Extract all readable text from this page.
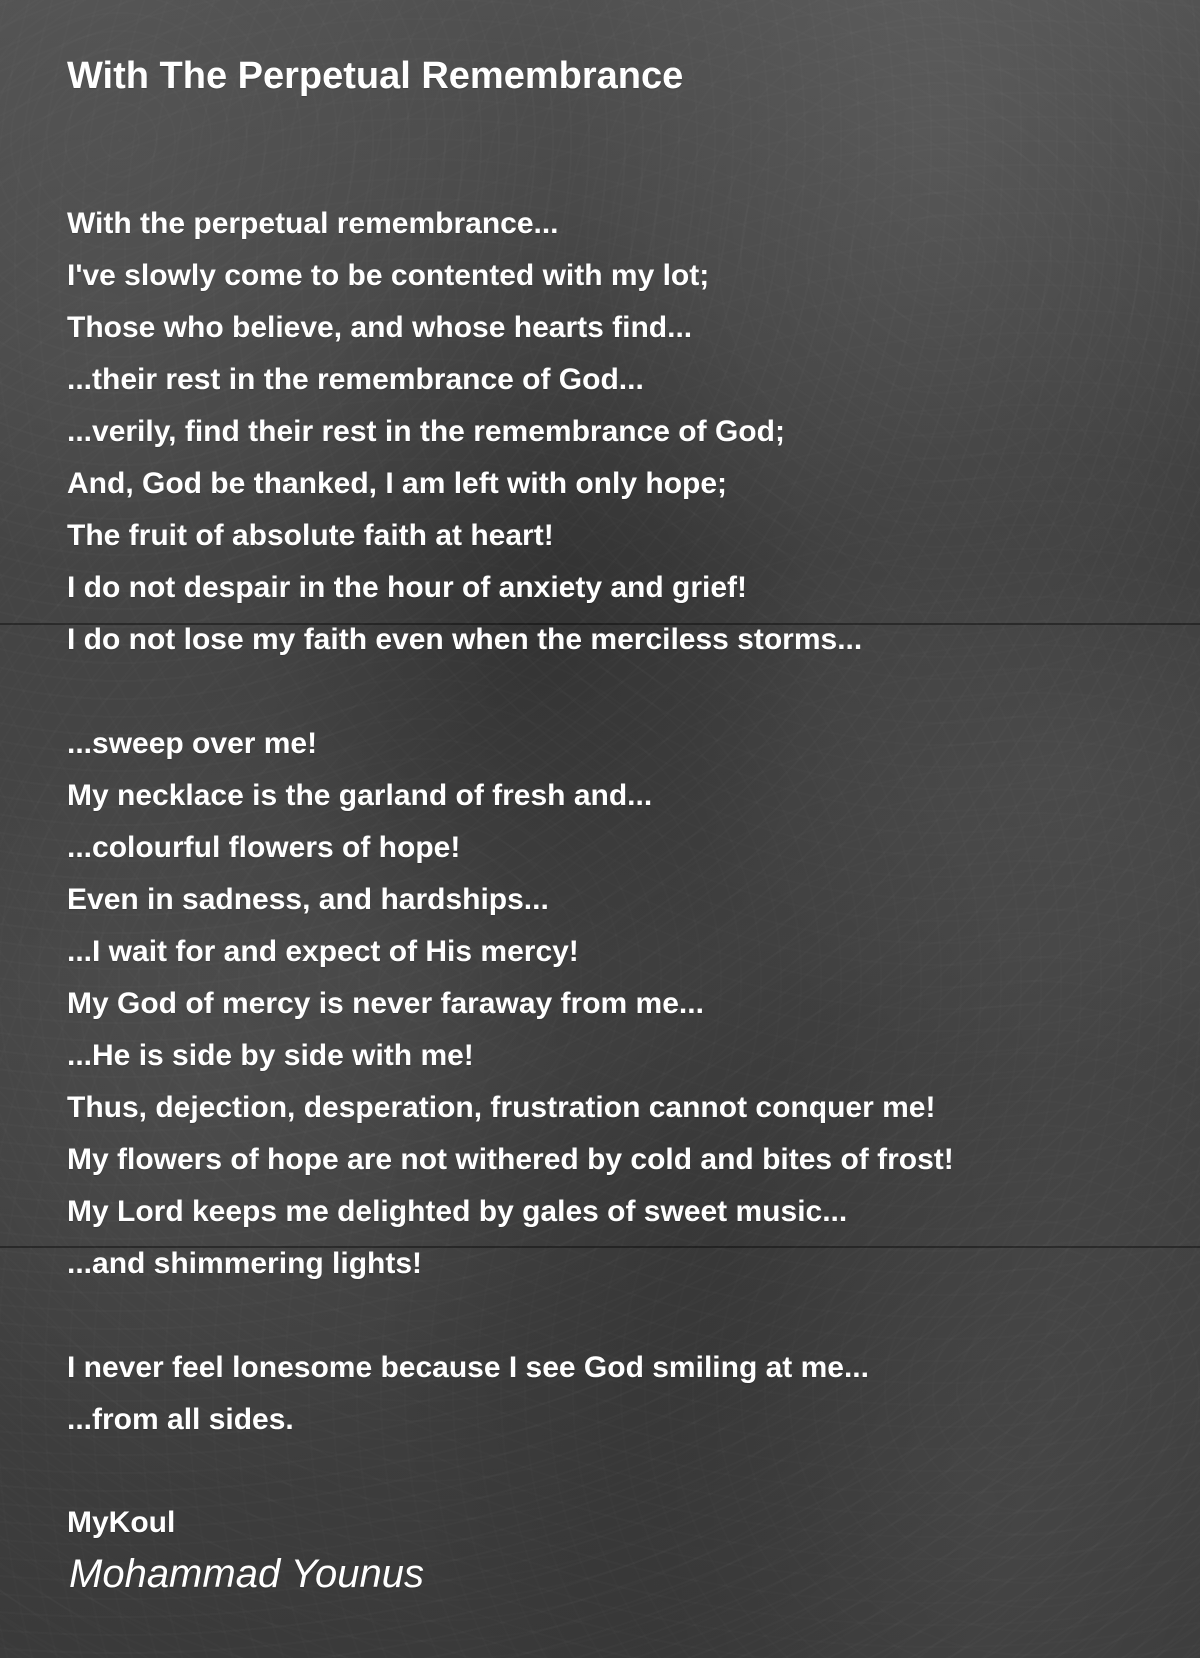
With The Perpetual Remembrance
With the perpetual remembrance...
I've slowly come to be contented with my lot;
Those who believe, and whose hearts find...
...their rest in the remembrance of God...
...verily, find their rest in the remembrance of God;
And, God be thanked, I am left with only hope;
The fruit of absolute faith at heart!
I do not despair in the hour of anxiety and grief!
I do not lose my faith even when the merciless storms...
...sweep over me!
My necklace is the garland of fresh and...
...colourful flowers of hope!
Even in sadness, and hardships...
...I wait for and expect of His mercy!
My God of mercy is never faraway from me...
...He is side by side with me!
Thus, dejection, desperation, frustration cannot conquer me!
My flowers of hope are not withered by cold and bites of frost!
My Lord keeps me delighted by gales of sweet music...
...and shimmering lights!
I never feel lonesome because I see God smiling at me...
...from all sides.
MyKoul
Mohammad Younus
